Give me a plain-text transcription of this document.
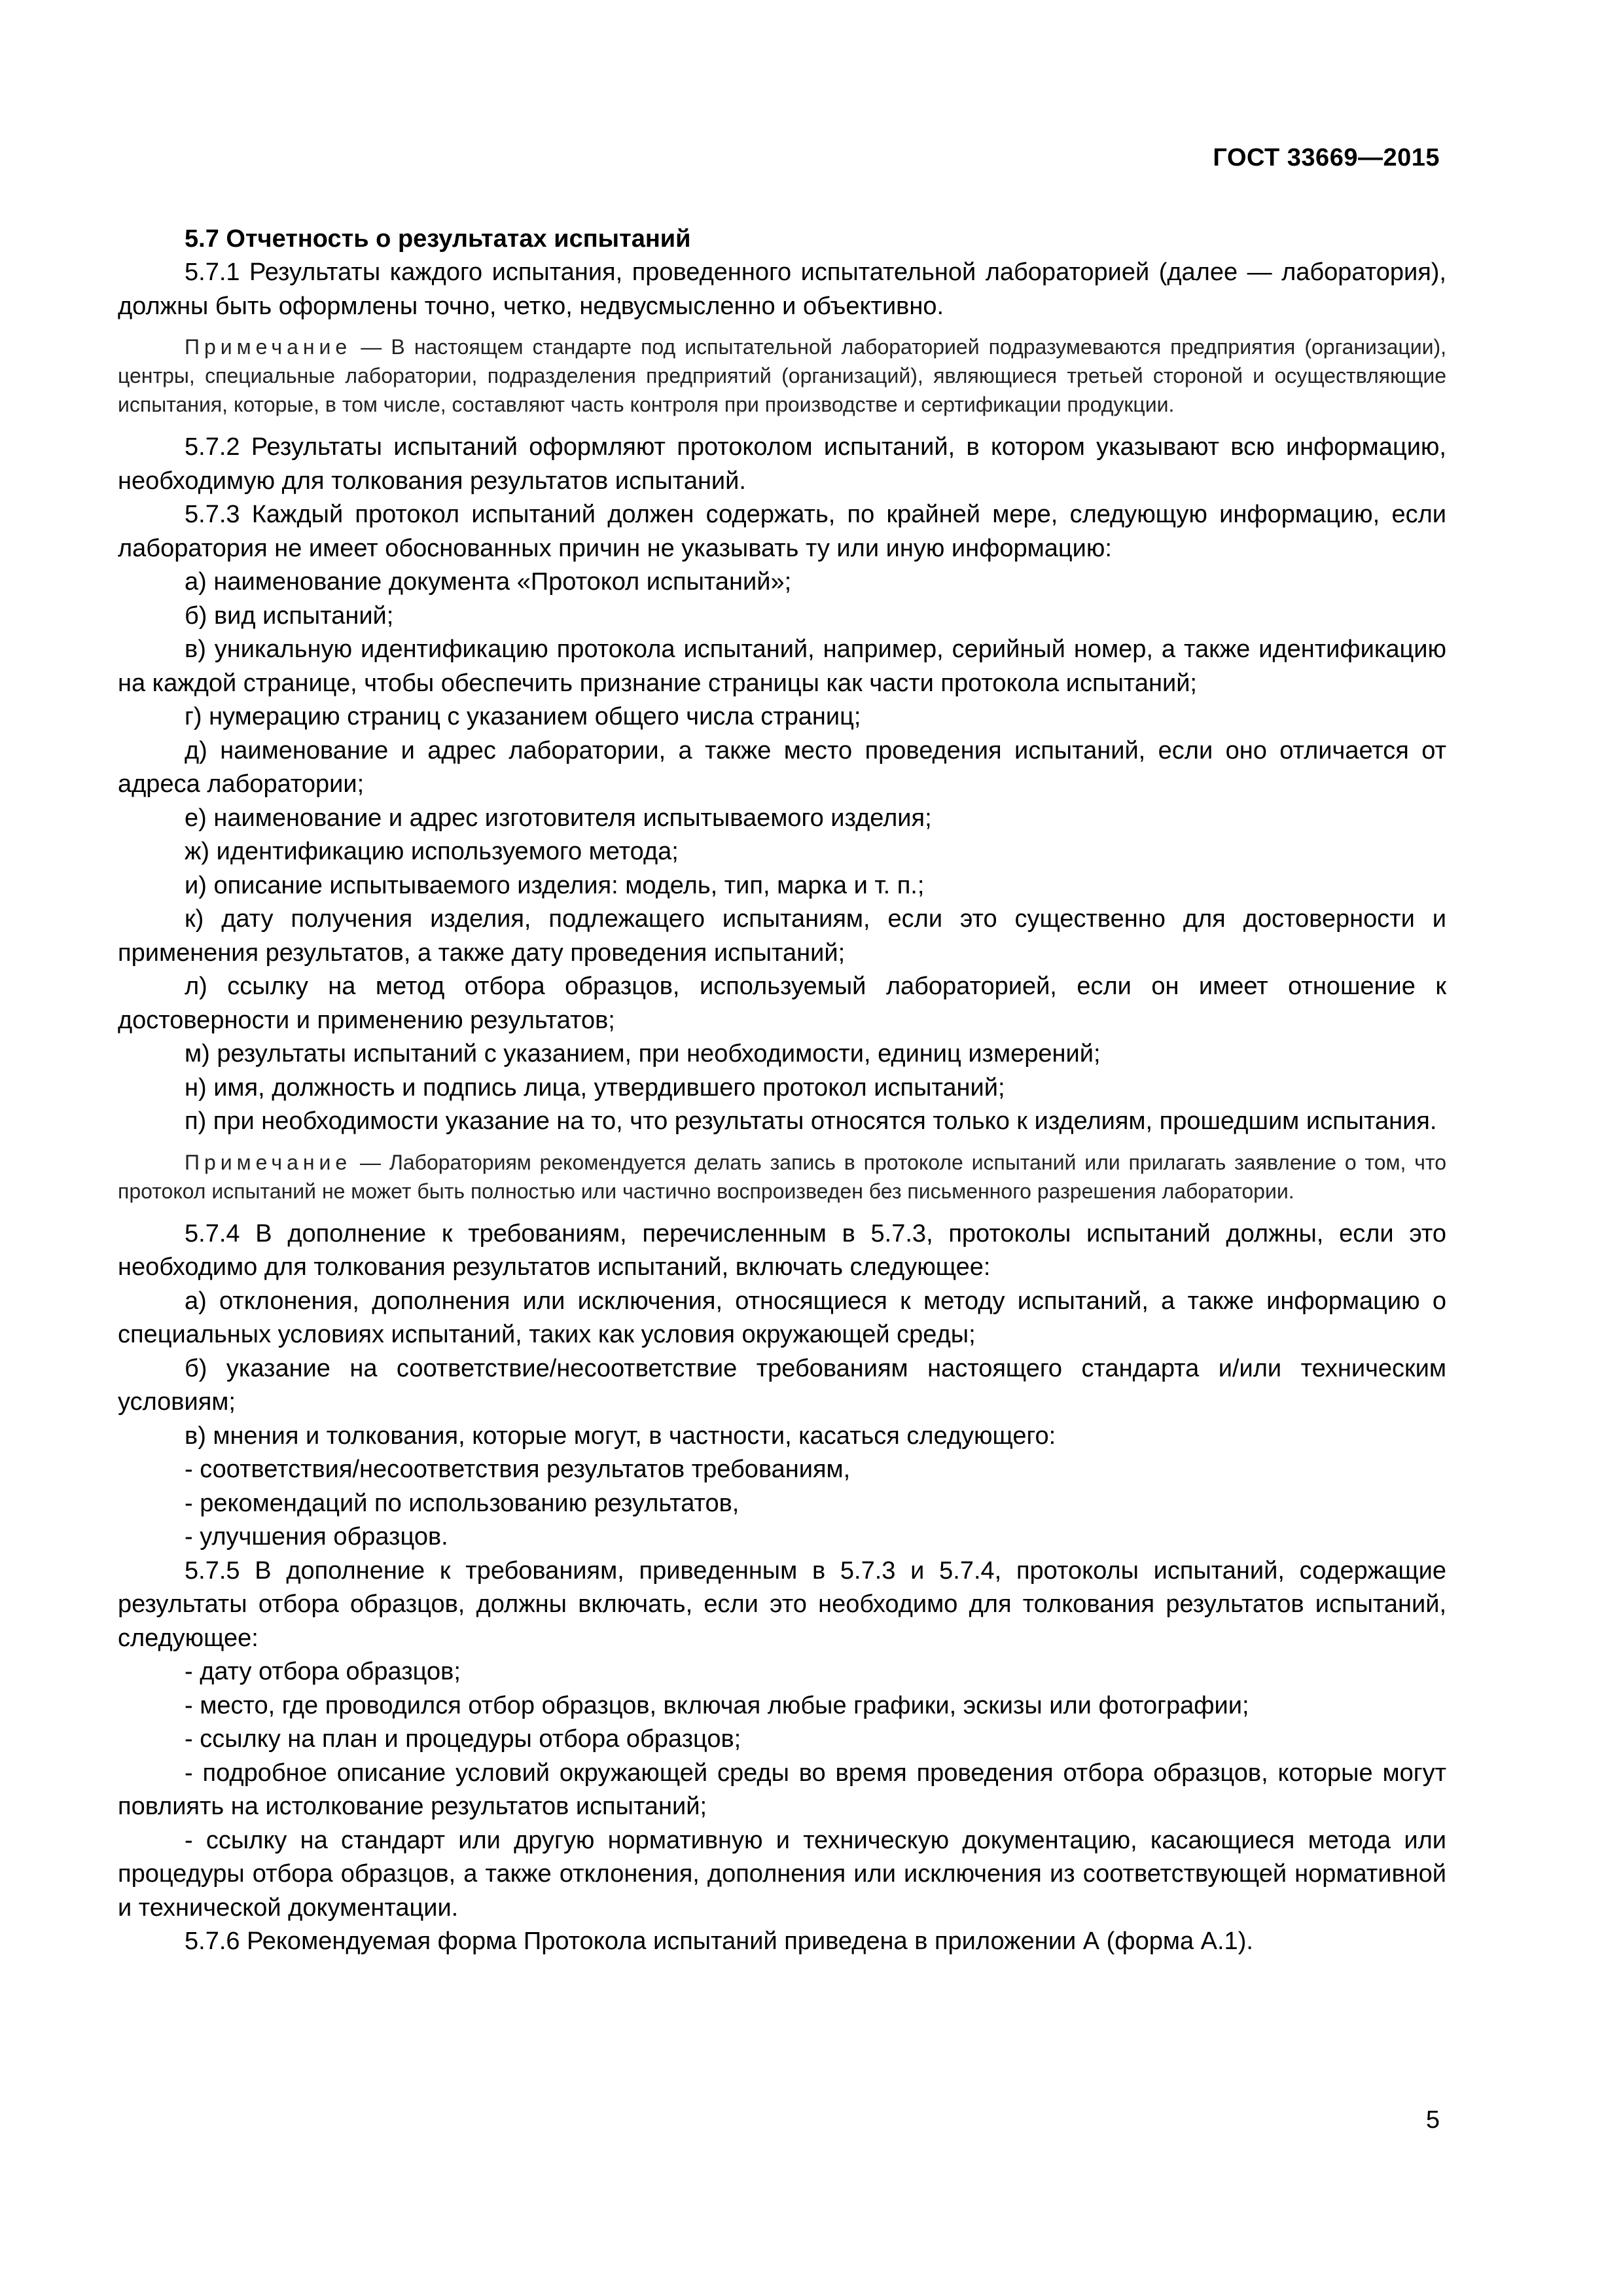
ГОСТ 33669—2015

5.7 Отчетность о результатах испытаний

5.7.1 Результаты каждого испытания, проведенного испытательной лабораторией (далее — лаборатория), должны быть оформлены точно, четко, недвусмысленно и объективно.

Примечание — В настоящем стандарте под испытательной лабораторией подразумеваются предприятия (организации), центры, специальные лаборатории, подразделения предприятий (организаций), являющиеся третьей стороной и осуществляющие испытания, которые, в том числе, составляют часть контроля при производстве и сертификации продукции.

5.7.2 Результаты испытаний оформляют протоколом испытаний, в котором указывают всю информацию, необходимую для толкования результатов испытаний.

5.7.3 Каждый протокол испытаний должен содержать, по крайней мере, следующую информацию, если лаборатория не имеет обоснованных причин не указывать ту или иную информацию:

а) наименование документа «Протокол испытаний»;

б) вид испытаний;

в) уникальную идентификацию протокола испытаний, например, серийный номер, а также идентификацию на каждой странице, чтобы обеспечить признание страницы как части протокола испытаний;

г) нумерацию страниц с указанием общего числа страниц;

д) наименование и адрес лаборатории, а также место проведения испытаний, если оно отличается от адреса лаборатории;

е) наименование и адрес изготовителя испытываемого изделия;

ж) идентификацию используемого метода;

и) описание испытываемого изделия: модель, тип, марка и т. п.;

к) дату получения изделия, подлежащего испытаниям, если это существенно для достоверности и применения результатов, а также дату проведения испытаний;

л) ссылку на метод отбора образцов, используемый лабораторией, если он имеет отношение к достоверности и применению результатов;

м) результаты испытаний с указанием, при необходимости, единиц измерений;

н) имя, должность и подпись лица, утвердившего протокол испытаний;

п) при необходимости указание на то, что результаты относятся только к изделиям, прошедшим испытания.

Примечание — Лабораториям рекомендуется делать запись в протоколе испытаний или прилагать заявление о том, что протокол испытаний не может быть полностью или частично воспроизведен без письменного разрешения лаборатории.

5.7.4 В дополнение к требованиям, перечисленным в 5.7.3, протоколы испытаний должны, если это необходимо для толкования результатов испытаний, включать следующее:

а) отклонения, дополнения или исключения, относящиеся к методу испытаний, а также информацию о специальных условиях испытаний, таких как условия окружающей среды;

б) указание на соответствие/несоответствие требованиям настоящего стандарта и/или техническим условиям;

в) мнения и толкования, которые могут, в частности, касаться следующего:

- соответствия/несоответствия результатов требованиям,

- рекомендаций по использованию результатов,

- улучшения образцов.

5.7.5 В дополнение к требованиям, приведенным в 5.7.3 и 5.7.4, протоколы испытаний, содержащие результаты отбора образцов, должны включать, если это необходимо для толкования результатов испытаний, следующее:

- дату отбора образцов;

- место, где проводился отбор образцов, включая любые графики, эскизы или фотографии;

- ссылку на план и процедуры отбора образцов;

- подробное описание условий окружающей среды во время проведения отбора образцов, которые могут повлиять на истолкование результатов испытаний;

- ссылку на стандарт или другую нормативную и техническую документацию, касающиеся метода или процедуры отбора образцов, а также отклонения, дополнения или исключения из соответствующей нормативной и технической документации.

5.7.6 Рекомендуемая форма Протокола испытаний приведена в приложении А (форма А.1).

5
